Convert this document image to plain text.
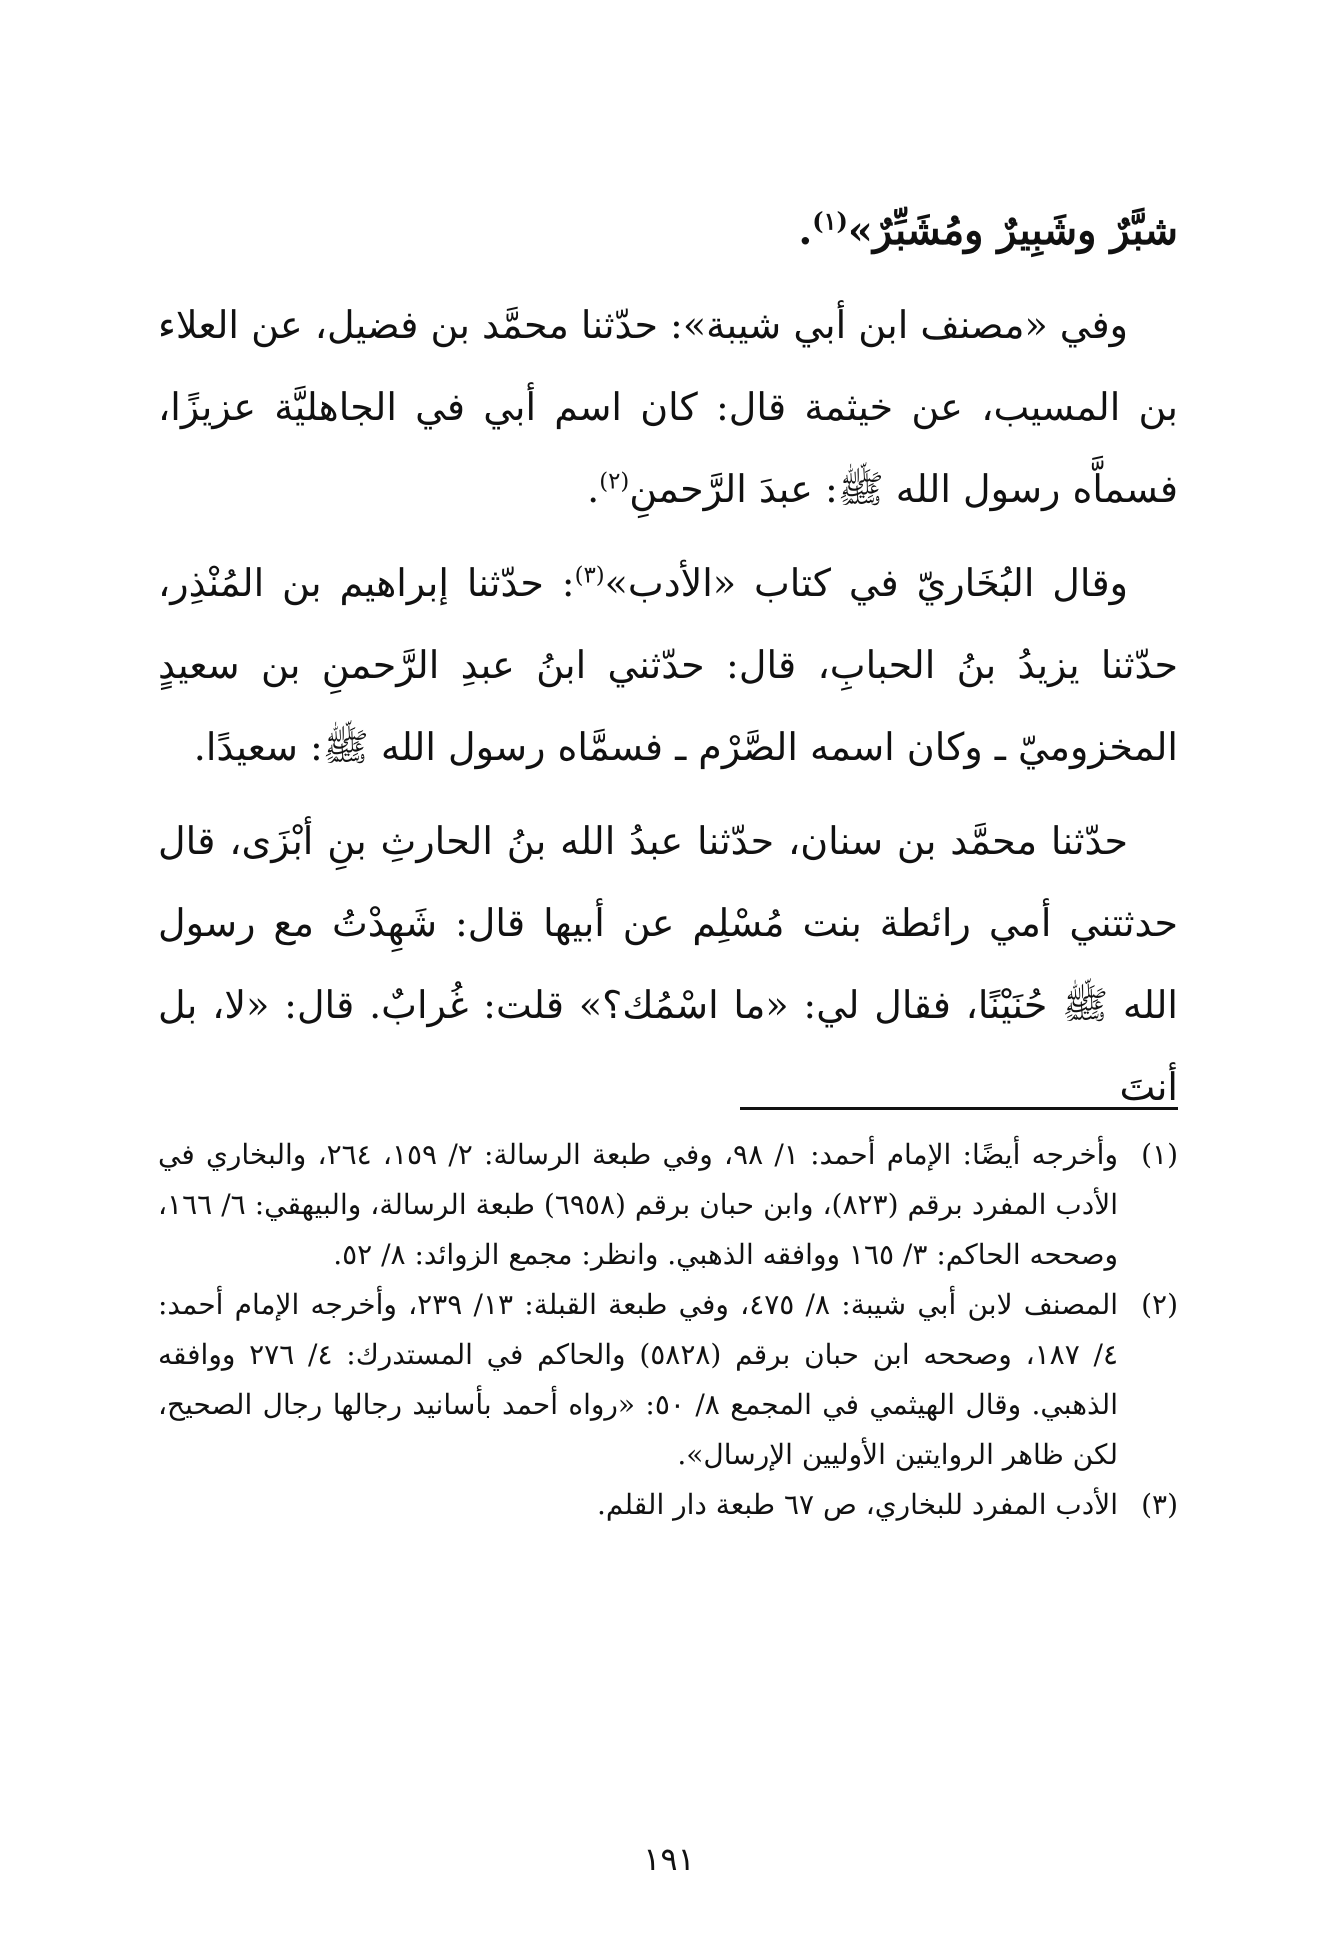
شبَّرٌ وشَبِيرٌ ومُشَبِّرٌ»$^{(١)}$.

وفي «مصنف ابن أبي شيبة»: حدّثنا محمَّد بن فضيل، عن العلاء بن المسيب، عن خيثمة قال: كان اسم أبي في الجاهليَّة عزيزًا، فسماَّه رسول الله ﷺ: عبدَ الرَّحمنِ$^{(٢)}$.

وقال البُخَاريّ في كتاب «الأدب»$^{(٣)}$: حدّثنا إبراهيم بن المُنْذِر، حدّثنا يزيدُ بنُ الحبابِ، قال: حدّثني ابنُ عبدِ الرَّحمنِ بن سعيدٍ المخزوميّ ـ وكان اسمه الصَّرْم ـ فسمَّاه رسول الله ﷺ: سعيدًا.

حدّثنا محمَّد بن سنان، حدّثنا عبدُ الله بنُ الحارثِ بنِ أبْزَى، قال حدثتني أمي رائطة بنت مُسْلِم عن أبيها قال: شَهِدْتُ مع رسول الله ﷺ حُنَيْنًا، فقال لي: «ما اسْمُك؟» قلت: غُرابٌ. قال: «لا، بل أنتَ

(١)
وأخرجه أيضًا: الإمام أحمد: ١/ ٩٨، وفي طبعة الرسالة: ٢/ ١٥٩، ٢٦٤، والبخاري في الأدب المفرد برقم (٨٢٣)، وابن حبان برقم (٦٩٥٨) طبعة الرسالة، والبيهقي: ٦/ ١٦٦، وصححه الحاكم: ٣/ ١٦٥ ووافقه الذهبي. وانظر: مجمع الزوائد: ٨/ ٥٢.
(٢)
المصنف لابن أبي شيبة: ٨/ ٤٧٥، وفي طبعة القبلة: ١٣/ ٢٣٩، وأخرجه الإمام أحمد: ٤/ ١٨٧، وصححه ابن حبان برقم (٥٨٢٨) والحاكم في المستدرك: ٤/ ٢٧٦ ووافقه الذهبي. وقال الهيثمي في المجمع ٨/ ٥٠: «رواه أحمد بأسانيد رجالها رجال الصحيح، لكن ظاهر الروايتين الأوليين الإرسال».
(٣)
الأدب المفرد للبخاري، ص ٦٧ طبعة دار القلم.
١٩١
